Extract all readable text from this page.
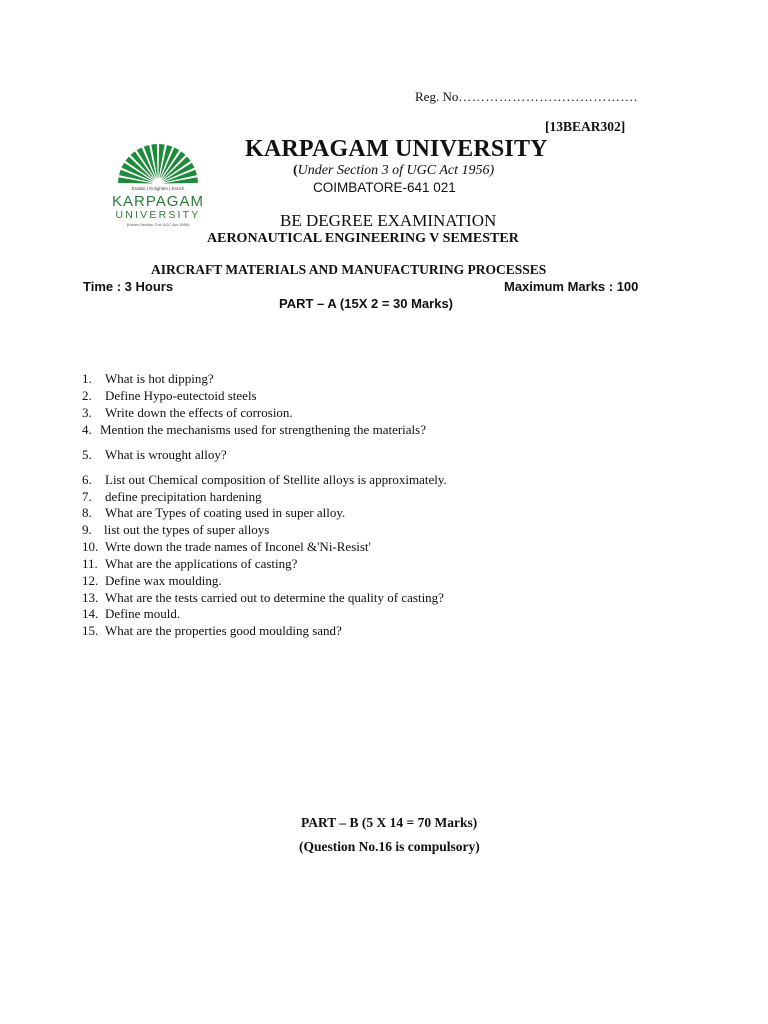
Reg. No………………………………….
[13BEAR302]
Enable | Enlighten | Enrich
KARPAGAM
UNIVERSITY
(Under Section 3 of UGC Act 1956)
KARPAGAM UNIVERSITY
(Under Section 3 of UGC Act 1956)
COIMBATORE-641 021
BE DEGREE EXAMINATION
AERONAUTICAL ENGINEERING V SEMESTER
AIRCRAFT MATERIALS AND MANUFACTURING PROCESSES
Time : 3 Hours	Maximum Marks : 100
PART – A (15X 2 = 30 Marks)
1. What is hot dipping?
2. Define Hypo-eutectoid steels
3. Write down the effects of corrosion.
4. Mention the mechanisms used for strengthening the materials?
5. What is wrought alloy?
6. List out Chemical composition of Stellite alloys is approximately.
7. define precipitation hardening
8. What are Types of coating used in super alloy.
9. list out the types of super alloys
10. Wrte down the trade names of Inconel &'Ni-Resist'
11. What are the applications of casting?
12. Define wax moulding.
13. What are the tests carried out to determine the quality of casting?
14. Define mould.
15. What are the properties good moulding sand?
PART – B (5 X 14 = 70 Marks)
(Question No.16 is compulsory)
